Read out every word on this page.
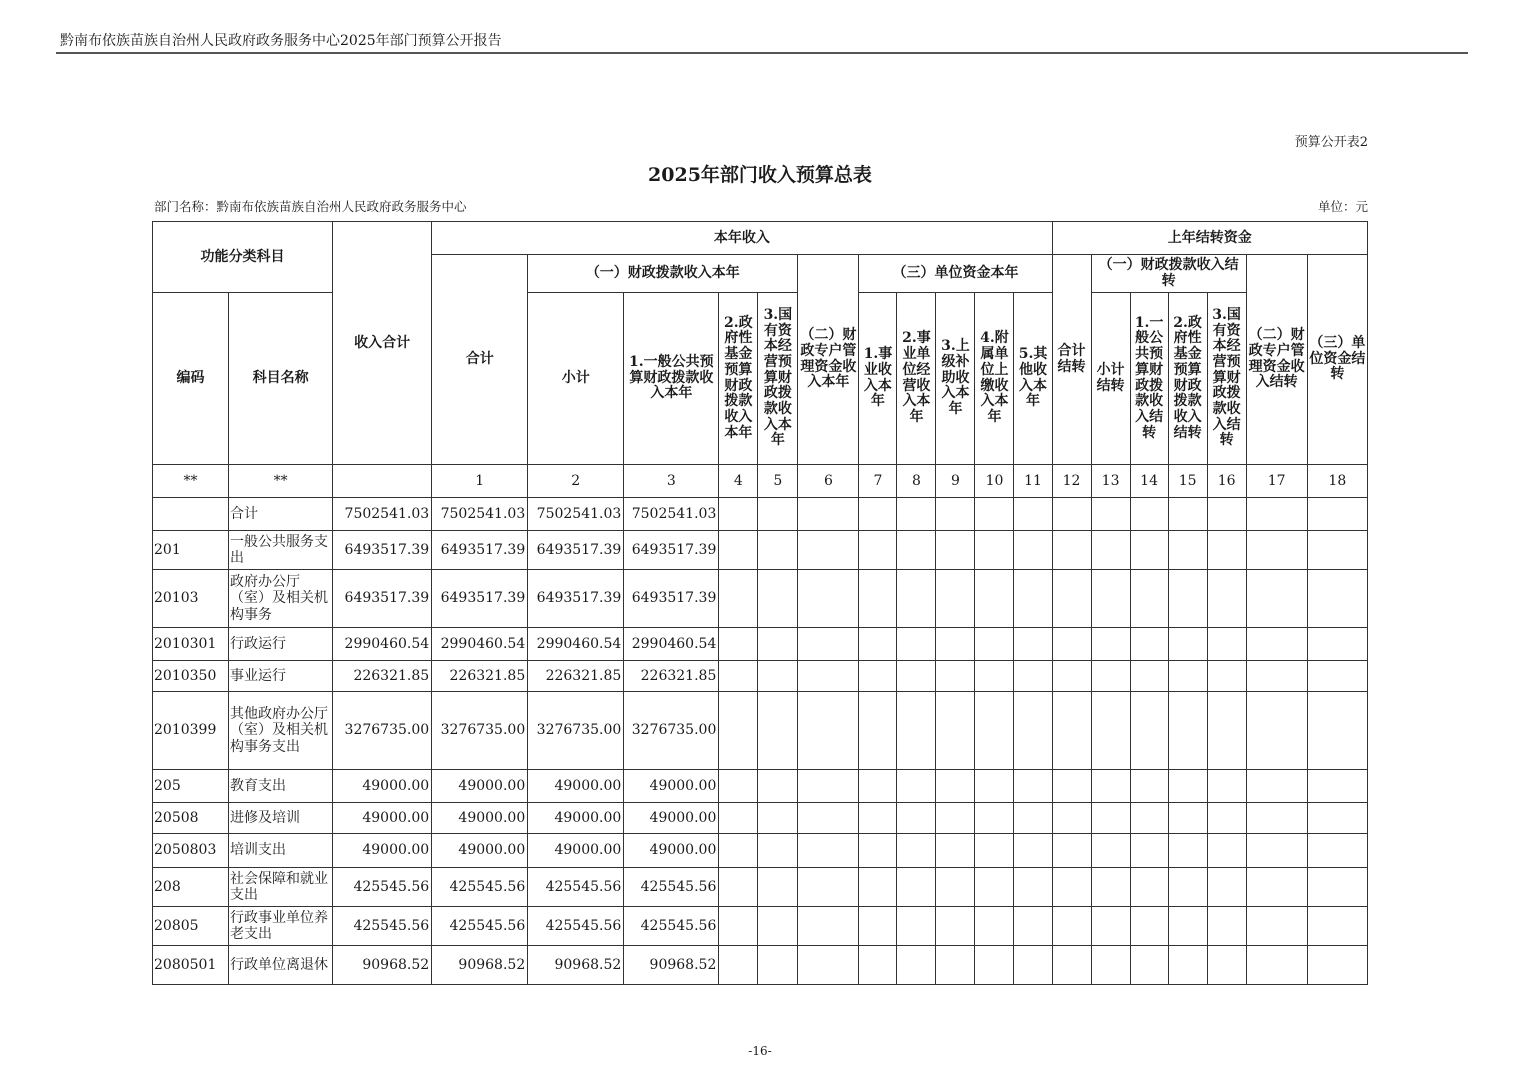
黔南布依族苗族自治州人民政府政务服务中心2025年部门预算公开报告
预算公开表2
2025年部门收入预算总表
部门名称：黔南布依族苗族自治州人民政府政务服务中心	单位：元
功能分类科目		收入合计	本年收入											上年结转资金						
			合计	（一）财政拨款收入本年				（二）财政专户管理资金收入本年	（三）单位资金本年					合计结转	（一）财政拨款收入结转				（二）财政专户管理资金收入结转	（三）单位资金结转
编码	科目名称			小计	1.一般公共预算财政拨款收入本年	2.政府性基金预算财政拨款收入本年	3.国有资本经营预算财政拨款收入本年		1.事业收入本年	2.事业单位经营收入本年	3.上级补助收入本年	4.附属单位上缴收入本年	5.其他收入本年		小计结转	1.一般公共预算财政拨款收入结转	2.政府性基金预算财政拨款收入结转	3.国有资本经营预算财政拨款收入结转		
**	**		1	2	3	4	5	6	7	8	9	10	11	12	13	14	15	16	17	18
	合计	7502541.03	7502541.03	7502541.03	7502541.03															
201	一般公共服务支出	6493517.39	6493517.39	6493517.39	6493517.39															
20103	政府办公厅（室）及相关机构事务	6493517.39	6493517.39	6493517.39	6493517.39															
2010301	行政运行	2990460.54	2990460.54	2990460.54	2990460.54															
2010350	事业运行	226321.85	226321.85	226321.85	226321.85															
2010399	其他政府办公厅（室）及相关机构事务支出	3276735.00	3276735.00	3276735.00	3276735.00															
205	教育支出	49000.00	49000.00	49000.00	49000.00															
20508	进修及培训	49000.00	49000.00	49000.00	49000.00															
2050803	培训支出	49000.00	49000.00	49000.00	49000.00															
208	社会保障和就业支出	425545.56	425545.56	425545.56	425545.56															
20805	行政事业单位养老支出	425545.56	425545.56	425545.56	425545.56															
2080501	行政单位离退休	90968.52	90968.52	90968.52	90968.52															
-16-
